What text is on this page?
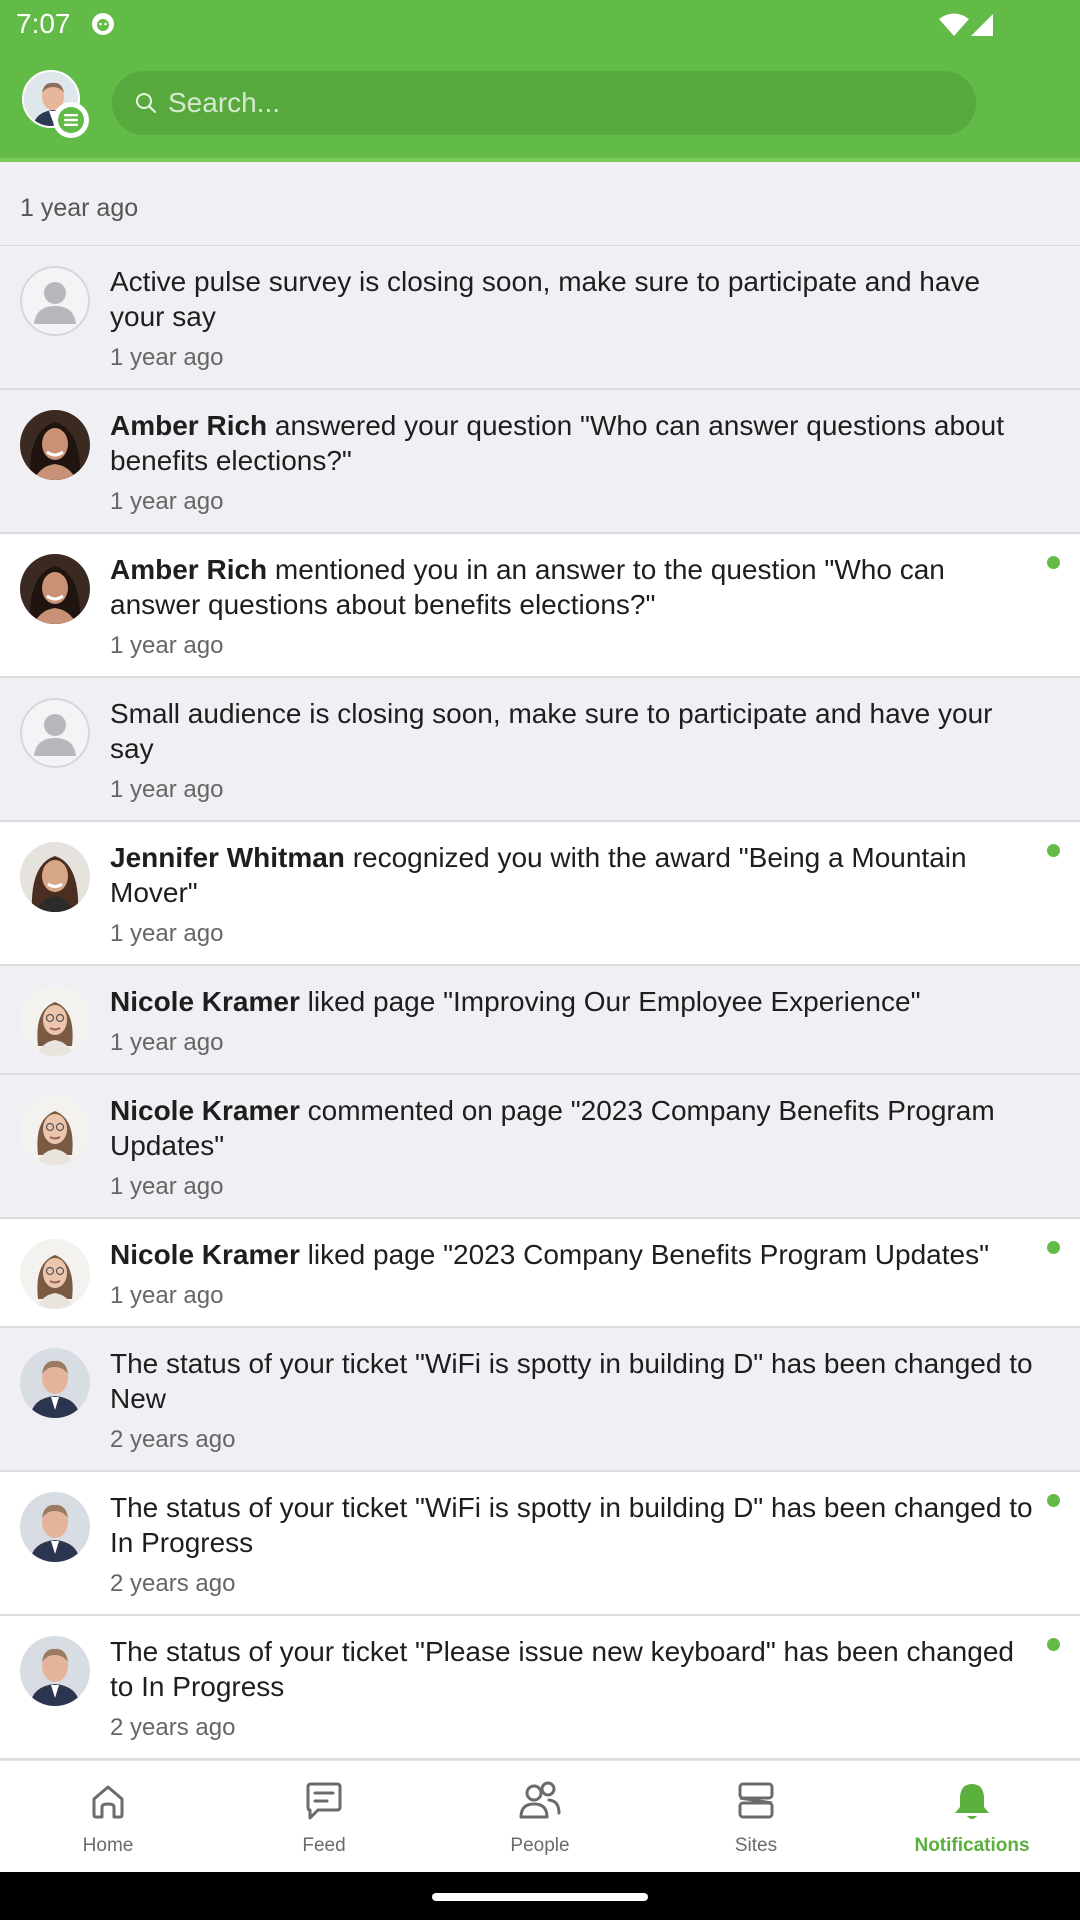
7:07
Search...
1 year ago
Active pulse survey is closing soon, make sure to participate and have your say
1 year ago
Amber Rich answered your question "Who can answer questions about benefits elections?"
1 year ago
Amber Rich mentioned you in an answer to the question "Who can answer questions about benefits elections?"
1 year ago
Small audience is closing soon, make sure to participate and have your say
1 year ago
Jennifer Whitman recognized you with the award "Being a Mountain Mover"
1 year ago
Nicole Kramer liked page "Improving Our Employee Experience"
1 year ago
Nicole Kramer commented on page "2023 Company Benefits Program Updates"
1 year ago
Nicole Kramer liked page "2023 Company Benefits Program Updates"
1 year ago
The status of your ticket "WiFi is spotty in building D" has been changed to New
2 years ago
The status of your ticket "WiFi is spotty in building D" has been changed to In Progress
2 years ago
The status of your ticket "Please issue new keyboard" has been changed to In Progress
2 years ago
Home	Feed	People	Sites	Notifications
